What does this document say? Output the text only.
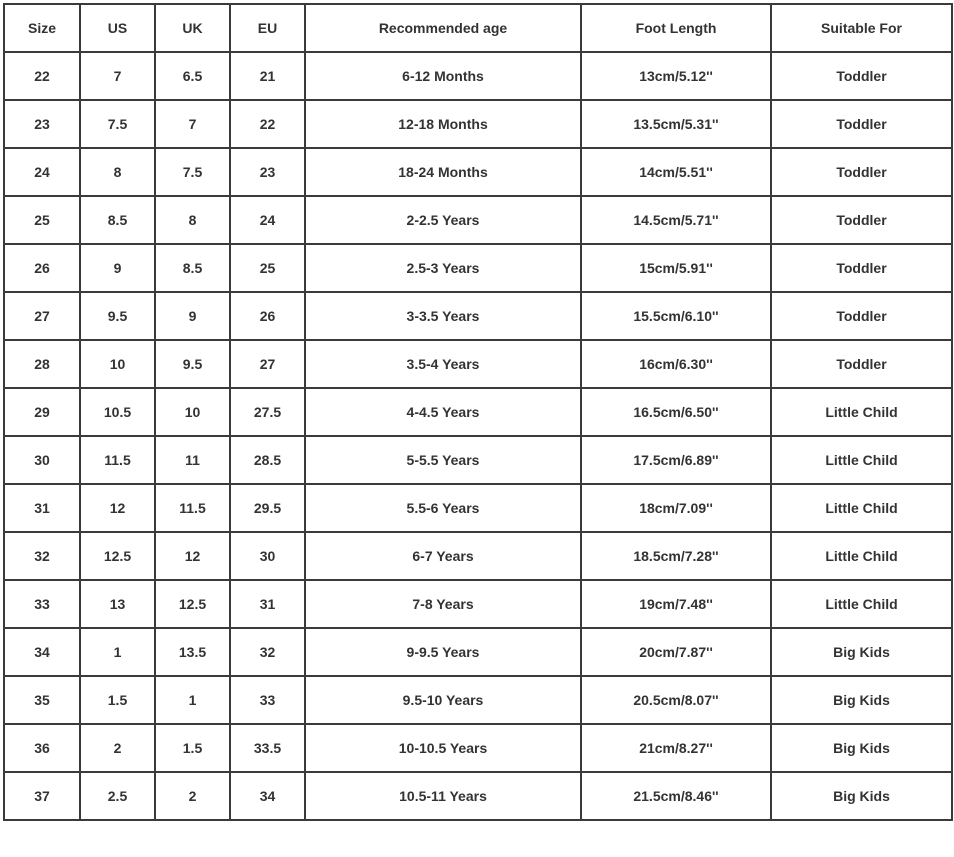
Size	US	UK	EU	Recommended age	Foot Length	Suitable For
22	7	6.5	21	6-12 Months	13cm/5.12''	Toddler
23	7.5	7	22	12-18 Months	13.5cm/5.31''	Toddler
24	8	7.5	23	18-24 Months	14cm/5.51''	Toddler
25	8.5	8	24	2-2.5 Years	14.5cm/5.71''	Toddler
26	9	8.5	25	2.5-3 Years	15cm/5.91''	Toddler
27	9.5	9	26	3-3.5 Years	15.5cm/6.10''	Toddler
28	10	9.5	27	3.5-4 Years	16cm/6.30''	Toddler
29	10.5	10	27.5	4-4.5 Years	16.5cm/6.50''	Little Child
30	11.5	11	28.5	5-5.5 Years	17.5cm/6.89''	Little Child
31	12	11.5	29.5	5.5-6 Years	18cm/7.09''	Little Child
32	12.5	12	30	6-7 Years	18.5cm/7.28''	Little Child
33	13	12.5	31	7-8 Years	19cm/7.48''	Little Child
34	1	13.5	32	9-9.5 Years	20cm/7.87''	Big Kids
35	1.5	1	33	9.5-10 Years	20.5cm/8.07''	Big Kids
36	2	1.5	33.5	10-10.5 Years	21cm/8.27''	Big Kids
37	2.5	2	34	10.5-11 Years	21.5cm/8.46''	Big Kids
